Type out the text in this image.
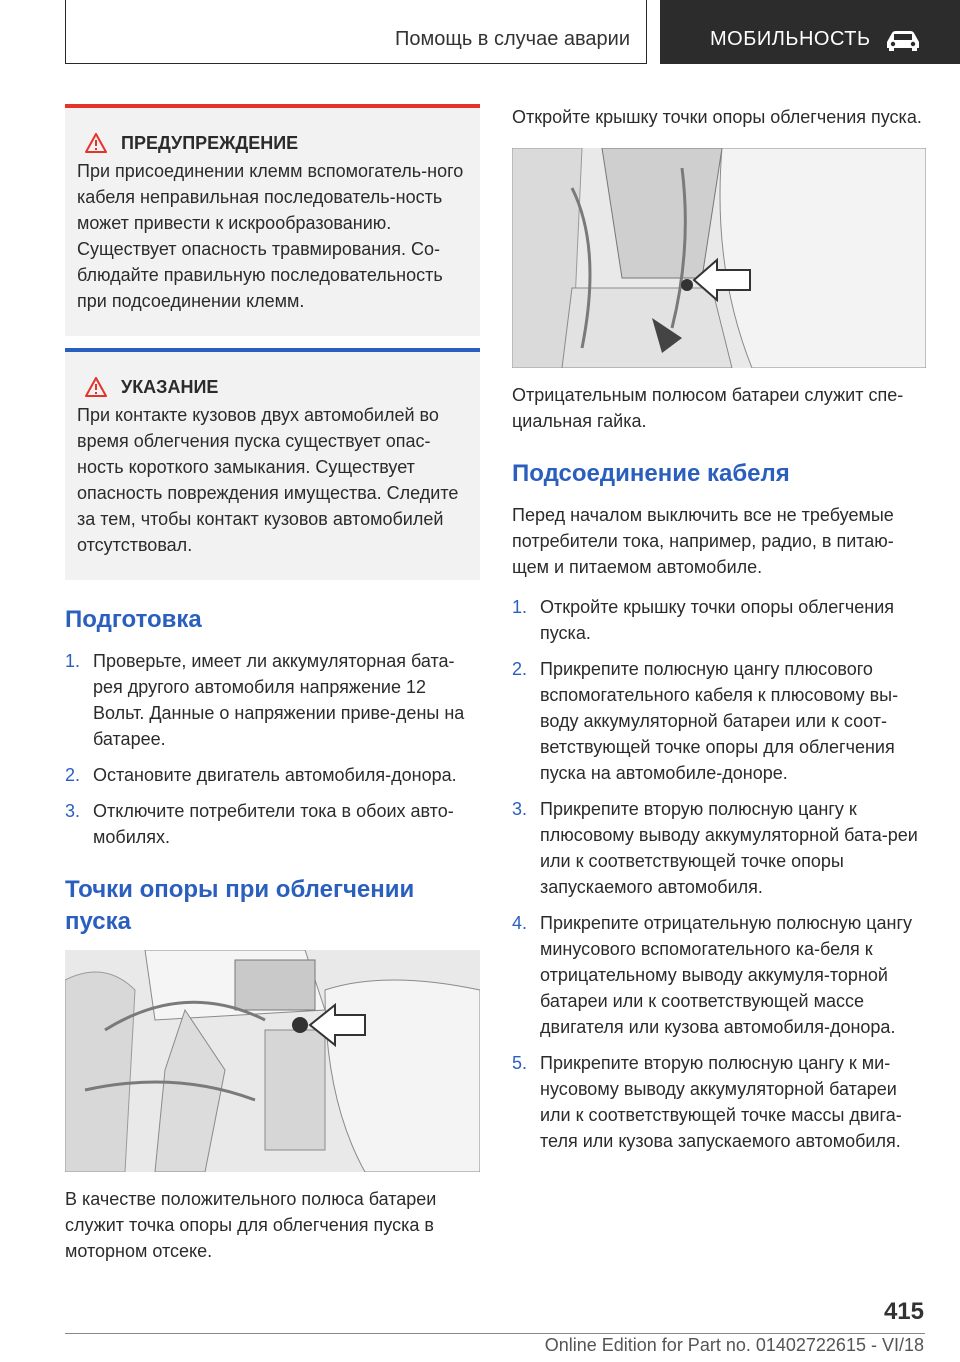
Помощь в случае аварии	МОБИЛЬНОСТЬ
ПРЕДУПРЕЖДЕНИЕ

При присоединении клемм вспомогатель-ного кабеля неправильная последователь-ность может привести к искрообразованию. Существует опасность травмирования. Со-блюдайте правильную последовательность при подсоединении клемм.

УКАЗАНИЕ

При контакте кузовов двух автомобилей во время облегчения пуска существует опас-ность короткого замыкания. Существует опасность повреждения имущества. Следите за тем, чтобы контакт кузовов автомобилей отсутствовал.

Подготовка
1. Проверьте, имеет ли аккумуляторная бата-рея другого автомобиля напряжение 12 Вольт. Данные о напряжении приве-дены на батарее.
2. Остановите двигатель автомобиля-донора.
3. Отключите потребители тока в обоих авто-мобилях.
Точки опоры при облегчении пуска

В качестве положительного полюса батареи служит точка опоры для облегчения пуска в моторном отсеке.

Откройте крышку точки опоры облегчения пуска.

Отрицательным полюсом батареи служит спе-циальная гайка.

Подсоединение кабеля

Перед началом выключить все не требуемые потребители тока, например, радио, в питаю-щем и питаемом автомобиле.

1. Откройте крышку точки опоры облегчения пуска.
2. Прикрепите полюсную цангу плюсового вспомогательного кабеля к плюсовому вы-воду аккумуляторной батареи или к соот-ветствующей точке опоры для облегчения пуска на автомобиле-доноре.
3. Прикрепите вторую полюсную цангу к плюсовому выводу аккумуляторной бата-реи или к соответствующей точке опоры запускаемого автомобиля.
4. Прикрепите отрицательную полюсную цангу минусового вспомогательного ка-беля к отрицательному выводу аккумуля-торной батареи или к соответствующей массе двигателя или кузова автомобиля-донора.
5. Прикрепите вторую полюсную цангу к ми-нусовому выводу аккумуляторной батареи или к соответствующей точке массы двига-теля или кузова запускаемого автомобиля.
415
Online Edition for Part no. 01402722615 - VI/18
